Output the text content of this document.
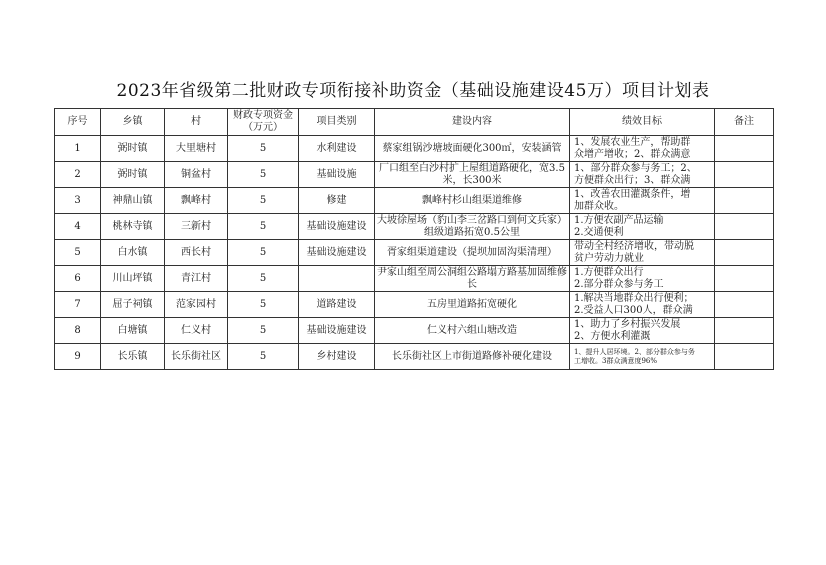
2023年省级第二批财政专项衔接补助资金（基础设施建设45万）项目计划表
序号	乡镇	村	财政专项资金（万元）	项目类别	建设内容	绩效目标	备注
1	弼时镇	大里塘村	5	水利建设	蔡家组锅沙塘坡面硬化300㎡，安装涵管	1、发展农业生产，帮助群
众增产增收；2、群众满意	

2	弼时镇	铜盆村	5	基础设施	厂口组至白沙村扩上屋组道路硬化，宽3.5米，长300米	1、部分群众参与务工；2、
方便群众出行；3、群众满	

3	神鼎山镇	飘峰村	5	修建	飘峰村杉山组渠道维修	1、改善农田灌溉条件，增
加群众收。	

4	桃林寺镇	三新村	5	基础设施建设	大坡徐屋场（豹山李三岔路口到何文兵家）组级道路拓宽0.5公里	1.方便农副产品运输
2.交通便利	

5	白水镇	西长村	5	基础设施建设	胥家组渠道建设（提坝加固沟渠清理）	带动全村经济增收，带动脱
贫户劳动力就业	

6	川山坪镇	青江村	5		尹家山组至周公洞组公路塌方路基加固维修长	1.方便群众出行
2.部分群众参与务工	

7	屈子祠镇	范家园村	5	道路建设	五房里道路拓宽硬化	1.解决当地群众出行便利；
2.受益人口300人，群众满	

8	白塘镇	仁义村	5	基础设施建设	仁义村六组山塘改造	1、助力了乡村振兴发展
2、方便水利灌溉	

9	长乐镇	长乐街社区	5	乡村建设	长乐街社区上市街道路修补硬化建设	1、提升人居环境。2、部分群众参与务
工增收。3群众满意度96%	
